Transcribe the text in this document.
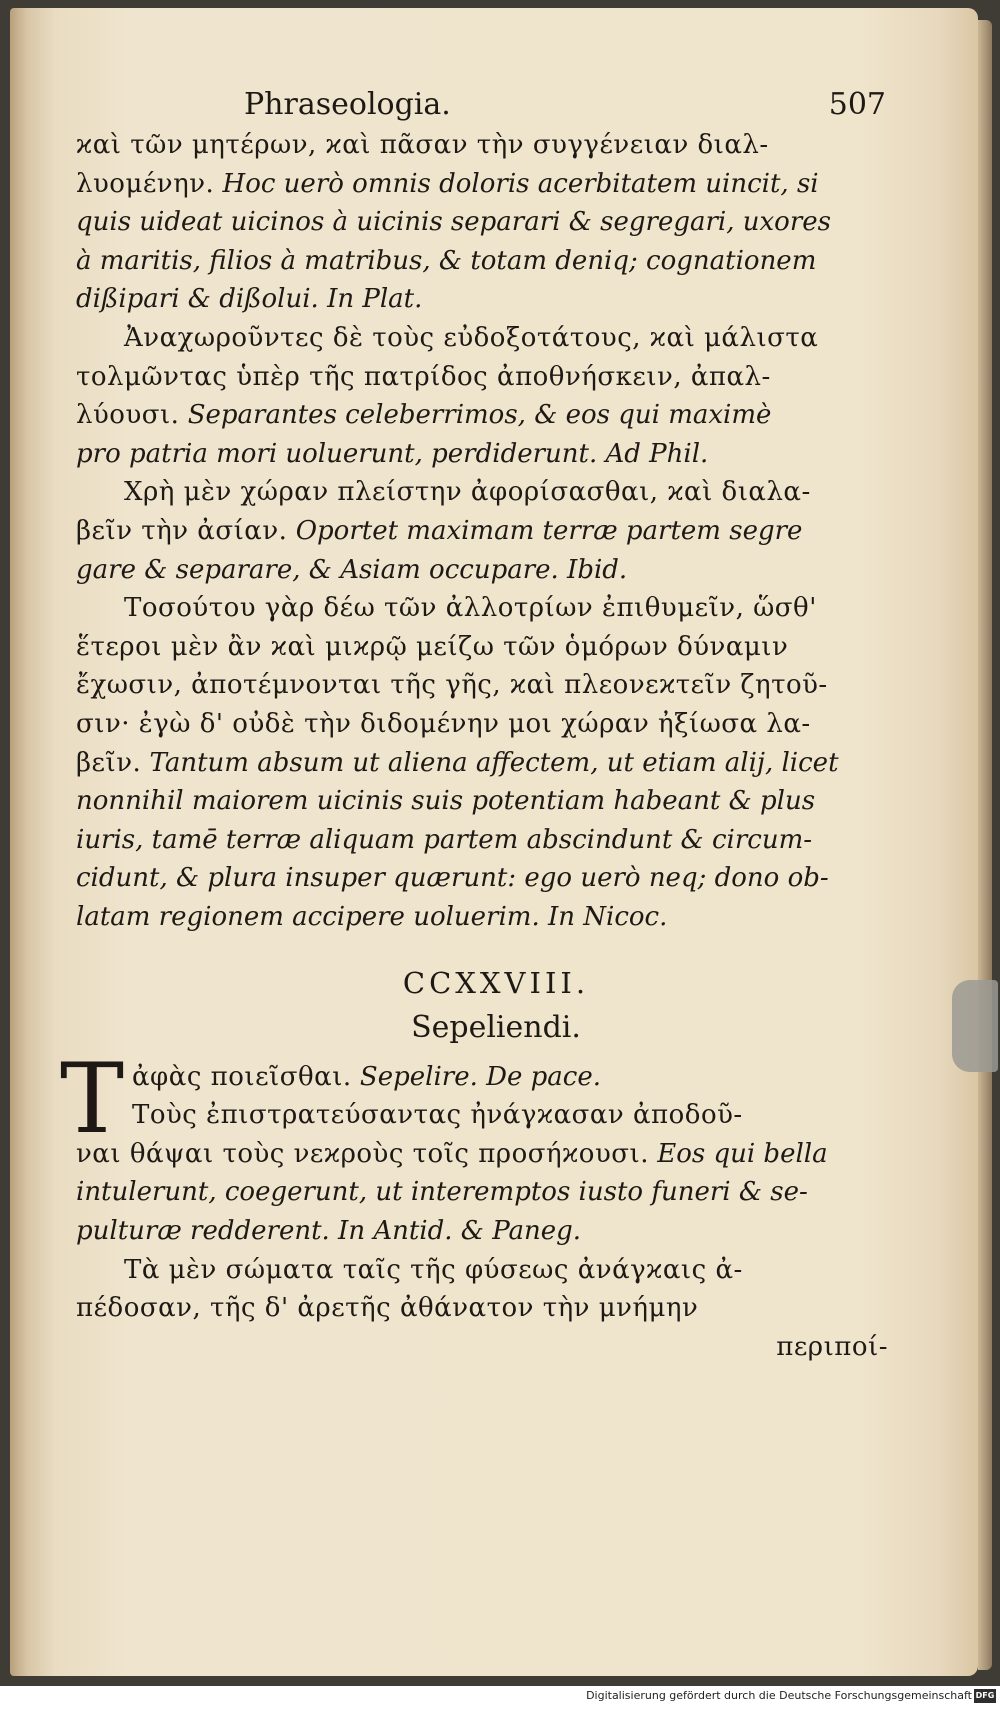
Phraseologia.	507
ϰαὶ τῶν μητέρων, ϰαὶ πᾶσαν τὴν συγγένειαν διαλ-
λυομένην. Hoc uerò omnis doloris acerbitatem uincit, si
quis uideat uicinos à uicinis separari & segregari, uxores
à maritis, filios à matribus, & totam deniq; cognationem
dißipari & dißolui. In Plat.
Ἀναχωροῦντες δὲ τοὺς εὐδοξοτάτους, ϰαὶ μάλιστα
τολμῶντας ὑπὲρ τῆς πατρίδος ἀποθνήσκειν, ἀπαλ-
λύουσι. Separantes celeberrimos, & eos qui maximè
pro patria mori uoluerunt, perdiderunt. Ad Phil.
Χρὴ μὲν χώραν πλείστην ἀφορίσασθαι, ϰαὶ διαλα-
βεῖν τὴν ἀσίαν. Oportet maximam terræ partem segre
gare & separare, & Asiam occupare. Ibid.
Τοσούτου γὰρ δέω τῶν ἀλλοτρίων ἐπιθυμεῖν, ὥσθ'
ἕτεροι μὲν ἂν ϰαὶ μιϰρῷ μείζω τῶν ὁμόρων δύναμιν
ἔχωσιν, ἀποτέμνονται τῆς γῆς, ϰαὶ πλεονεϰτεῖν ζητοῦ-
σιν· ἐγὼ δ' οὐδὲ τὴν διδομένην μοι χώραν ἠξίωσα λα-
βεῖν. Tantum absum ut aliena affectem, ut etiam alij, licet
nonnihil maiorem uicinis suis potentiam habeant & plus
iuris, tamē terræ aliquam partem abscindunt & circum-
cidunt, & plura insuper quærunt: ego uerò neq; dono ob-
latam regionem accipere uoluerim. In Nicoc.
CCXXVIII.
Sepeliendi.
T ἀφὰς ποιεῖσθαι. Sepelire. De pace.
Τοὺς ἐπιστρατεύσαντας ἠνάγϰασαν ἀποδοῦ-
ναι θάψαι τοὺς νεϰροὺς τοῖς προσήϰουσι. Eos qui bella
intulerunt, coegerunt, ut interemptos iusto funeri & se-
pulturæ redderent. In Antid. & Paneg.
Τὰ μὲν σώματα ταῖς τῆς φύσεως ἀνάγϰαις ἀ-
πέδοσαν, τῆς δ' ἀρετῆς ἀθάνατον τὴν μνήμην
περιποί-
Digitalisierung gefördert durch die Deutsche Forschungsgemeinschaft DFG
